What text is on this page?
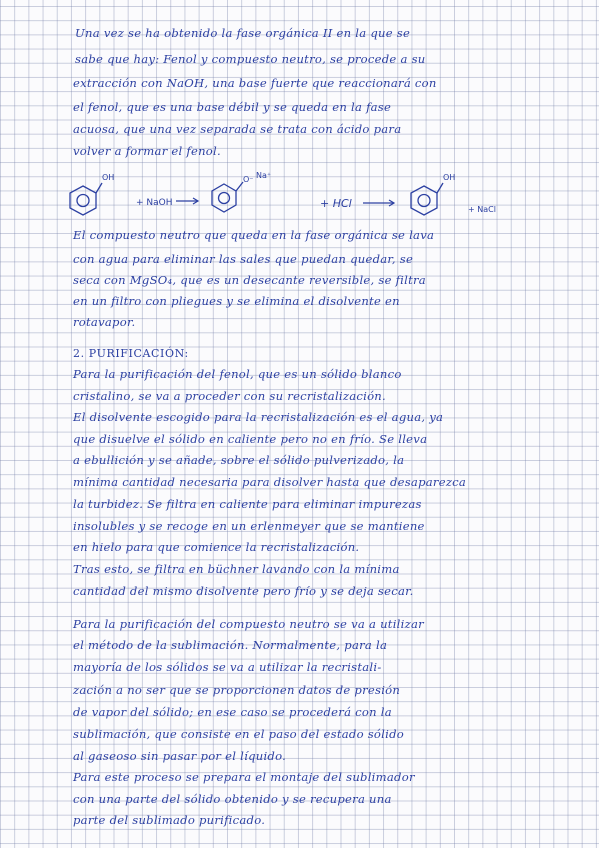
Una vez se ha obtenido la fase orgánica II en la que se

sabe que hay: Fenol y compuesto neutro, se procede a su

extracción con NaOH, una base fuerte que reaccionará con

el fenol, que es una base débil y se queda en la fase

acuosa, que una vez separada se trata con ácido para

volver a formar el fenol.

OH
+ NaOH
O⁻ Na⁺
+ HCl
OH
+ NaCl

El compuesto neutro que queda en la fase orgánica se lava

con agua para eliminar las sales que puedan quedar, se

seca con MgSO₄, que es un desecante reversible, se filtra

en un filtro con pliegues y se elimina el disolvente en

rotavapor.

2. PURIFICACIÓN:

Para la purificación del fenol, que es un sólido blanco

cristalino, se va a proceder con su recristalización.

El disolvente escogido para la recristalización es el agua, ya

que disuelve el sólido en caliente pero no en frío. Se lleva

a ebullición y se añade, sobre el sólido pulverizado, la

mínima cantidad necesaria para disolver hasta que desaparezca

la turbidez. Se filtra en caliente para eliminar impurezas

insolubles y se recoge en un erlenmeyer que se mantiene

en hielo para que comience la recristalización.

Tras esto, se filtra en büchner lavando con la mínima

cantidad del mismo disolvente pero frío y se deja secar.

Para la purificación del compuesto neutro se va a utilizar

el método de la sublimación. Normalmente, para la

mayoría de los sólidos se va a utilizar la recristali-

zación a no ser que se proporcionen datos de presión

de vapor del sólido; en ese caso se procederá con la

sublimación, que consiste en el paso del estado sólido

al gaseoso sin pasar por el líquido.

Para este proceso se prepara el montaje del sublimador

con una parte del sólido obtenido y se recupera una

parte del sublimado purificado.
